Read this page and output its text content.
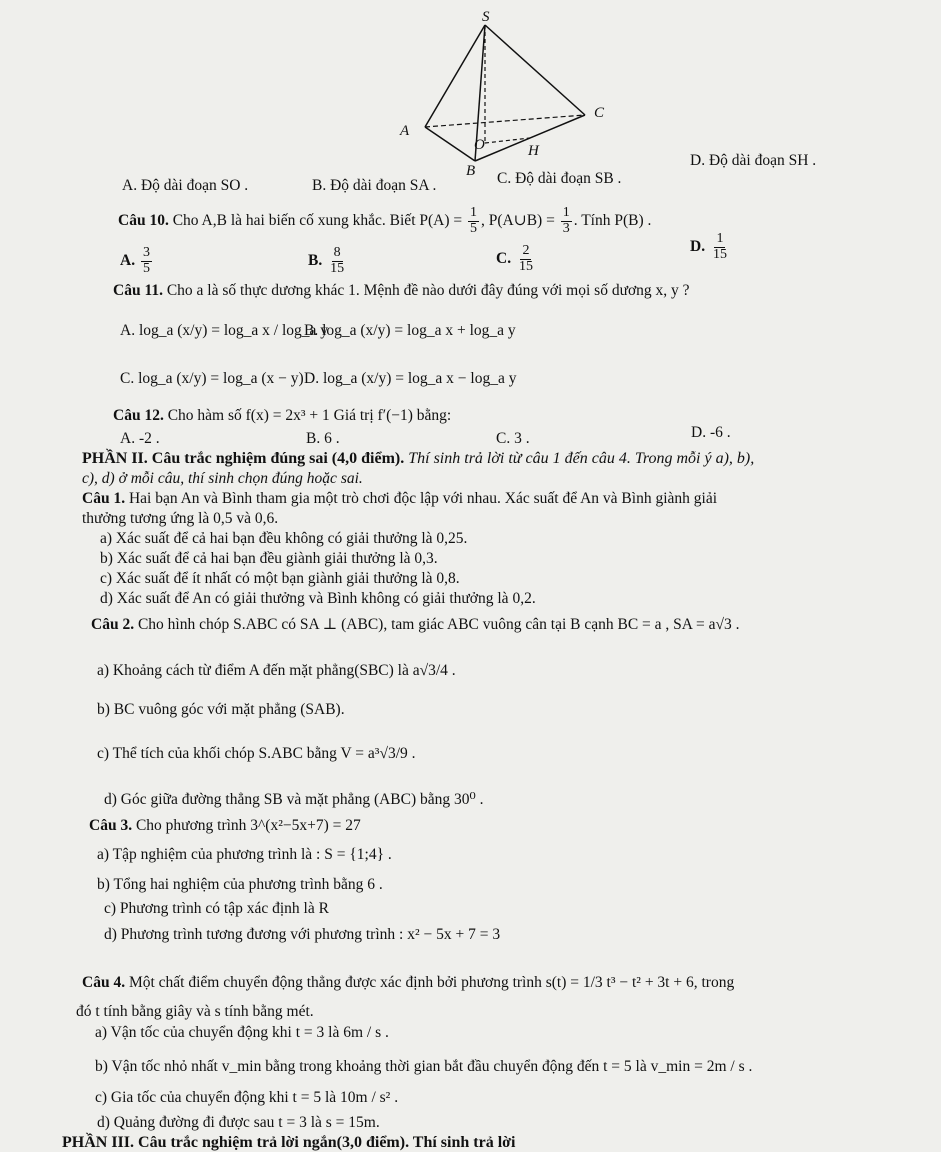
S
A
B
C
O	H
A. Độ dài đoạn SO .	B. Độ dài đoạn SA .	C. Độ dài đoạn SB .
D. Độ dài đoạn SH .
Câu 10. Cho A,B là hai biến cố xung khắc. Biết $P(A) = \frac{1}{5}$ , P(A∪B) = $\frac{1}{3}$ . Tính P(B) .
A. $\frac{3}{5}$	B. $\frac{8}{15}$	C. $\frac{2}{15}$	D. $\frac{1}{15}$
Câu 11. Cho a là số thực dương khác 1. Mệnh đề nào dưới đây đúng với mọi số dương x, y ?
A. log_a (x/y) = log_a x / log_a y
B. log_a (x/y) = log_a x + log_a y
C. log_a (x/y) = log_a (x − y) D. log_a (x/y) = log_a x − log_a y
Câu 12. Cho hàm số f(x) = 2x³ + 1 Giá trị f′(−1) bằng:
A. -2 .	B. 6 .	C. 3 .	D. -6 .
PHẦN II. Câu trắc nghiệm đúng sai (4,0 điểm). Thí sinh trả lời từ câu 1 đến câu 4. Trong mỗi ý a), b),
c), d) ở mỗi câu, thí sinh chọn đúng hoặc sai.
Câu 1. Hai bạn An và Bình tham gia một trò chơi độc lập với nhau. Xác suất để An và Bình giành giải
thưởng tương ứng là 0,5 và 0,6.
a) Xác suất để cả hai bạn đều không có giải thưởng là 0,25.
b) Xác suất để cả hai bạn đều giành giải thưởng là 0,3.
c) Xác suất để ít nhất có một bạn giành giải thưởng là 0,8.
d) Xác suất để An có giải thưởng và Bình không có giải thưởng là 0,2.
Câu 2. Cho hình chóp S.ABC có SA ⊥ (ABC), tam giác ABC vuông cân tại B cạnh BC = a , SA = a√3 .
a) Khoảng cách từ điểm A đến mặt phẳng(SBC) là a√3/4 .
b) BC vuông góc với mặt phẳng (SAB).
c) Thể tích của khối chóp S.ABC bằng V = a³√3/9 .
d) Góc giữa đường thẳng SB và mặt phẳng (ABC) bằng 30⁰ .
Câu 3. Cho phương trình 3^(x²−5x+7) = 27
a) Tập nghiệm của phương trình là : S = {1;4} .
b) Tổng hai nghiệm của phương trình bằng 6 .
c) Phương trình có tập xác định là R
d) Phương trình tương đương với phương trình : x² − 5x + 7 = 3
Câu 4. Một chất điểm chuyển động thẳng được xác định bởi phương trình s(t) = 1/3 t³ − t² + 3t + 6, trong
đó t tính bằng giây và s tính bằng mét.
a) Vận tốc của chuyển động khi t = 3 là 6m / s .
b) Vận tốc nhỏ nhất v_min bằng trong khoảng thời gian bắt đầu chuyển động đến t = 5 là v_min = 2m / s .
c) Gia tốc của chuyển động khi t = 5 là 10m / s² .
d) Quảng đường đi được sau t = 3 là s = 15m.
PHẦN III. Câu trắc nghiệm trả lời ngắn(3,0 điểm). Thí sinh trả lời
